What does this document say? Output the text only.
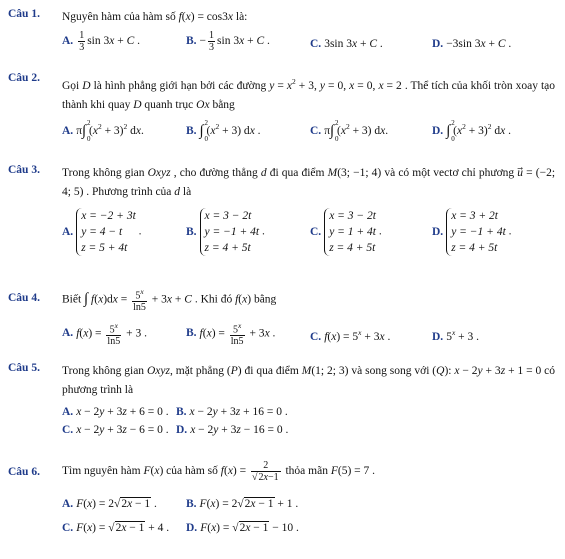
Câu 1. Nguyên hàm của hàm số f(x) = cos3x là:
A. $\frac{1}{3}$ sin 3x + C .	B. − $\frac{1}{3}$ sin 3x + C .	C. 3sin 3x + C .	D. −3sin 3x + C .
Câu 2.
Gọi D là hình phẳng giới hạn bởi các đường $y = x^2 + 3$, y = 0, x = 0, x = 2 . Thể tích của khối tròn xoay tạo thành khi quay D quanh trục Ox bằng
A. π∫ 2
0
$(x^2 + 3)^2$ dx.	B. ∫ 2
0
$(x^2 + 3)$ dx .	C. π∫ 2
0
$(x^2 + 3)$ dx.	D. ∫ 2
0
$(x^2 + 3)^2$ dx .
Câu 3. Trong không gian Oxyz , cho đường thẳng d đi qua điểm M(3; −1; 4) và có một vectơ chỉ phương u⃗ = (−2; 4; 5) . Phương trình của d là
A.
x = −2 + 3t
y = 4 − t
z = 5 + 4t
.	B.
x = 3 − 2t
y = −1 + 4t
z = 4 + 5t
.	C.
x = 3 − 2t
y = 1 + 4t
z = 4 + 5t
.	D.
x = 3 + 2t
y = −1 + 4t
z = 4 + 5t
.
Câu 4. Biết ∫ $f(x)dx = \frac{5^x}{\ln 5} + 3x + C$ . Khi đó f(x) bằng
A. $f(x) = \frac{5^x}{\ln 5} + 3$ .	B. $f(x) = \frac{5^x}{\ln 5} + 3x$ .	C. $f(x) = 5^x + 3x$ .	D. $5^x + 3$ .
Câu 5. Trong không gian Oxyz, mặt phẳng (P) đi qua điểm M(1; 2; 3) và song song với (Q): x − 2y + 3z + 1 = 0 có phương trình là
A. x − 2y + 3z + 6 = 0 . B. x − 2y + 3z + 16 = 0 .
C. x − 2y + 3z − 6 = 0 . D. x − 2y + 3z − 16 = 0 .
Câu 6. Tìm nguyên hàm F(x) của hàm số $f(x) = \frac{2}{√2x-1}$ thỏa mãn F(5) = 7 .
A. F(x) = 2√2x − 1 .	B. F(x) = 2√2x − 1 + 1 .
C. F(x) = √2x − 1 + 4 . D. F(x) = √2x − 1 − 10 .
